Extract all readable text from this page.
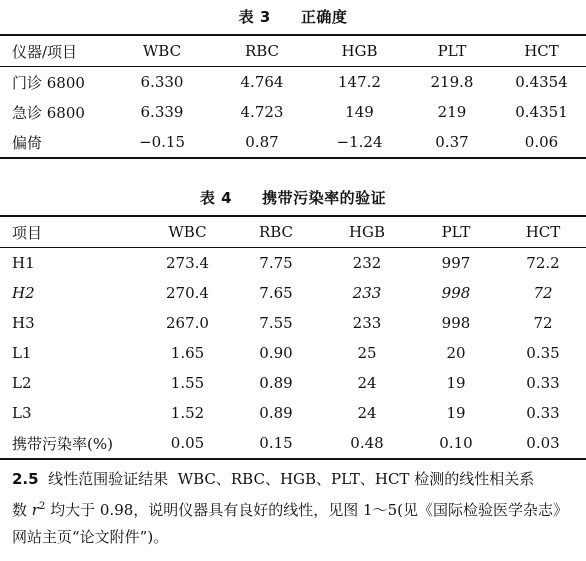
表 3 正确度
仪器/项目	WBC	RBC	HGB	PLT	HCT
门诊 6800	6.330	4.764	147.2	219.8	0.4354
急诊 6800	6.339	4.723	149	219	0.4351
偏倚	−0.15	0.87	−1.24	0.37	0.06
表 4 携带污染率的验证
项目	WBC	RBC	HGB	PLT	HCT
H1	273.4	7.75	232	997	72.2
H2	270.4	7.65	233	998	72
H3	267.0	7.55	233	998	72
L1	1.65	0.90	25	20	0.35
L2	1.55	0.89	24	19	0.33
L3	1.52	0.89	24	19	0.33
携带污染率(%)	0.05	0.15	0.48	0.10	0.03

2.5 线性范围验证结果 WBC、RBC、HGB、PLT、HCT 检测的线性相关系数 $r^2$ 均大于 0.98，说明仪器具有良好的线性，见图 1～5(见《国际检验医学杂志》网站主页“论文附件”)。
